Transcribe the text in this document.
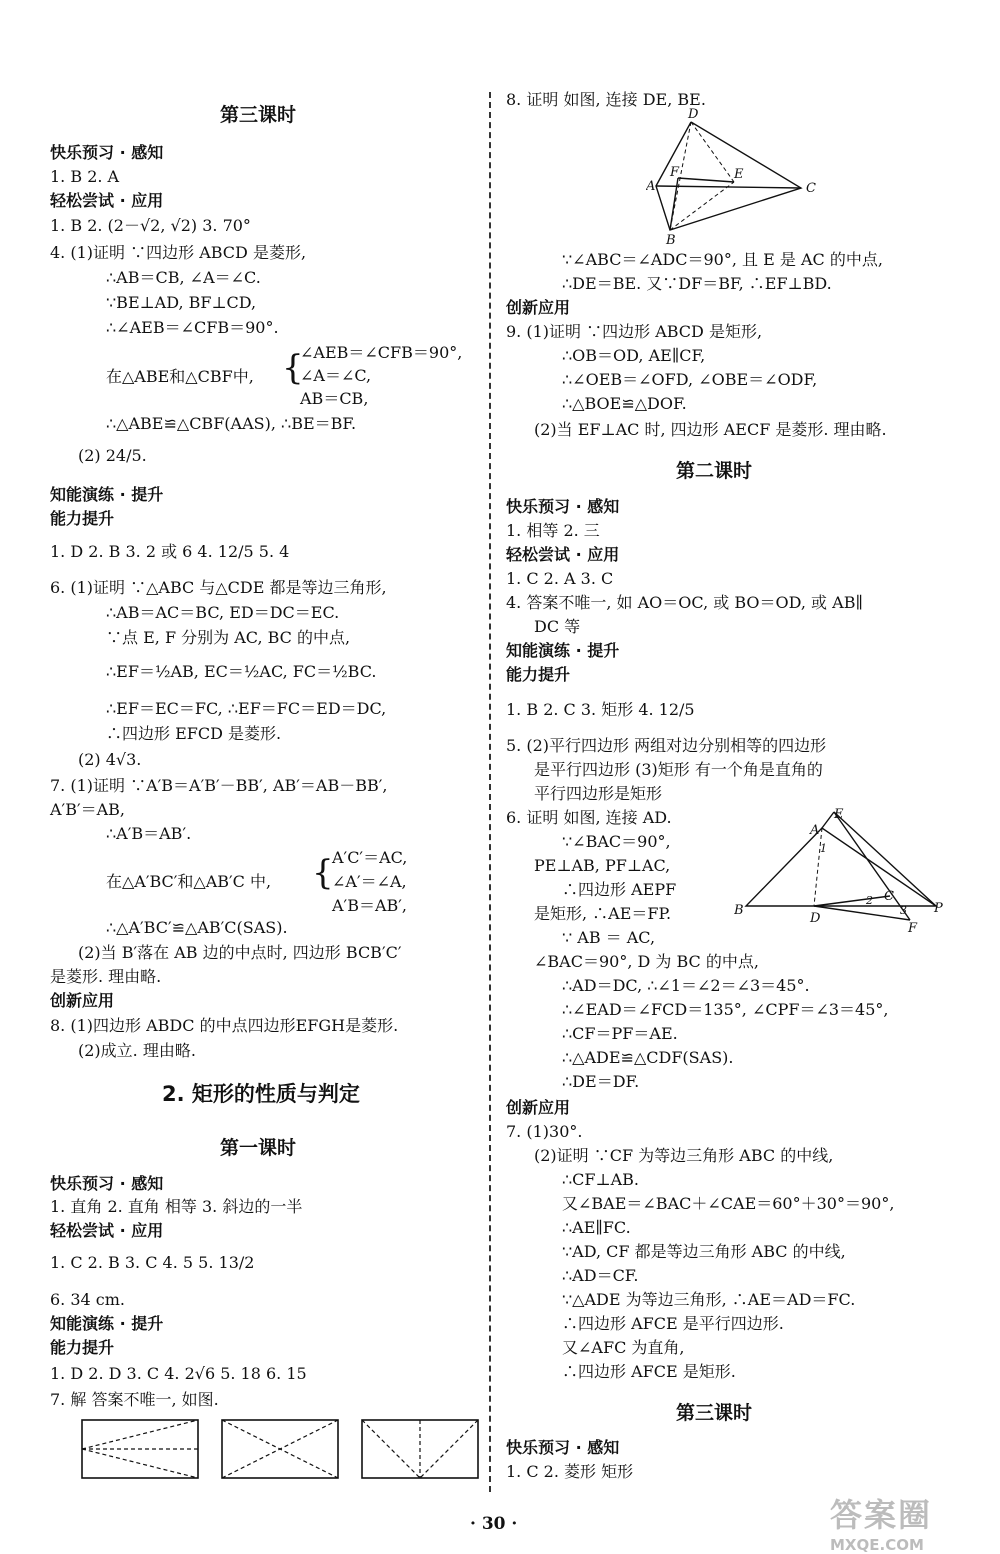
第三课时
快乐预习 · 感知
1. B 2. A
轻松尝试 · 应用
1. B 2. (2－√2, √2) 3. 70°
4. (1)证明 ∵四边形 ABCD 是菱形,
∴AB＝CB, ∠A＝∠C.
∵BE⊥AD, BF⊥CD,
∴∠AEB＝∠CFB＝90°.
在△ABE和△CBF中, {
∠AEB＝∠CFB＝90°,
∠A＝∠C,
AB＝CB,
∴△ABE≌△CBF(AAS), ∴BE＝BF.
(2) 24/5.
知能演练 · 提升
能力提升
1. D 2. B 3. 2 或 6 4. 12/5 5. 4
6. (1)证明 ∵△ABC 与△CDE 都是等边三角形,
∴AB＝AC＝BC, ED＝DC＝EC.
∵点 E, F 分别为 AC, BC 的中点,
∴EF＝½AB, EC＝½AC, FC＝½BC.
∴EF＝EC＝FC, ∴EF＝FC＝ED＝DC,
∴四边形 EFCD 是菱形.
(2) 4√3.
7. (1)证明 ∵A′B＝A′B′－BB′, AB′＝AB－BB′,
A′B′＝AB,
∴A′B＝AB′.
在△A′BC′和△AB′C 中, {
A′C′＝AC,
∠A′＝∠A,
A′B＝AB′,
∴△A′BC′≌△AB′C(SAS).
(2)当 B′落在 AB 边的中点时, 四边形 BCB′C′
是菱形. 理由略.
创新应用
8. (1)四边形 ABDC 的中点四边形EFGH是菱形.
(2)成立. 理由略.
2. 矩形的性质与判定
第一课时
快乐预习 · 感知
1. 直角 2. 直角 相等 3. 斜边的一半
轻松尝试 · 应用
1. C 2. B 3. C 4. 5 5. 13/2
6. 34 cm.
知能演练 · 提升
能力提升
1. D 2. D 3. C 4. 2√6 5. 18 6. 15
7. 解 答案不唯一, 如图.
8. 证明 如图, 连接 DE, BE.
D
A
F	E
C
B
∵∠ABC＝∠ADC＝90°, 且 E 是 AC 的中点,
∴DE＝BE. 又∵DF＝BF, ∴EF⊥BD.
创新应用
9. (1)证明 ∵四边形 ABCD 是矩形,
∴OB＝OD, AE∥CF,
∴∠OEB＝∠OFD, ∠OBE＝∠ODF,
∴△BOE≌△DOF.
(2)当 EF⊥AC 时, 四边形 AECF 是菱形. 理由略.
第二课时
快乐预习 · 感知
1. 相等 2. 三
轻松尝试 · 应用
1. C 2. A 3. C
4. 答案不唯一, 如 AO＝OC, 或 BO＝OD, 或 AB∥
DC 等
知能演练 · 提升
能力提升
1. B 2. C 3. 矩形 4. 12/5
5. (2)平行四边形 两组对边分别相等的四边形
是平行四边形 (3)矩形 有一个角是直角的
平行四边形是矩形
6. 证明 如图, 连接 AD.
∵∠BAC＝90°,
PE⊥AB, PF⊥AC,
∴四边形 AEPF
是矩形, ∴AE＝FP.
∵ AB ＝ AC,
∠BAC＝90°, D 为 BC 的中点,
∴AD＝DC, ∴∠1＝∠2＝∠3＝45°.
∴∠EAD＝∠FCD＝135°, ∠CPF＝∠3＝45°,
∴CF＝PF＝AE.
∴△ADE≌△CDF(SAS).
∴DE＝DF.
E
A
1
B
D
2 C
3 P
F
创新应用
7. (1)30°.
(2)证明 ∵CF 为等边三角形 ABC 的中线,
∴CF⊥AB.
又∠BAE＝∠BAC＋∠CAE＝60°＋30°＝90°,
∴AE∥FC.
∵AD, CF 都是等边三角形 ABC 的中线,
∴AD＝CF.
∵△ADE 为等边三角形, ∴AE＝AD＝FC.
∴四边形 AFCE 是平行四边形.
又∠AFC 为直角,
∴四边形 AFCE 是矩形.
第三课时
快乐预习 · 感知
1. C 2. 菱形 矩形
· 30 ·	答案圈
MXQE.COM
